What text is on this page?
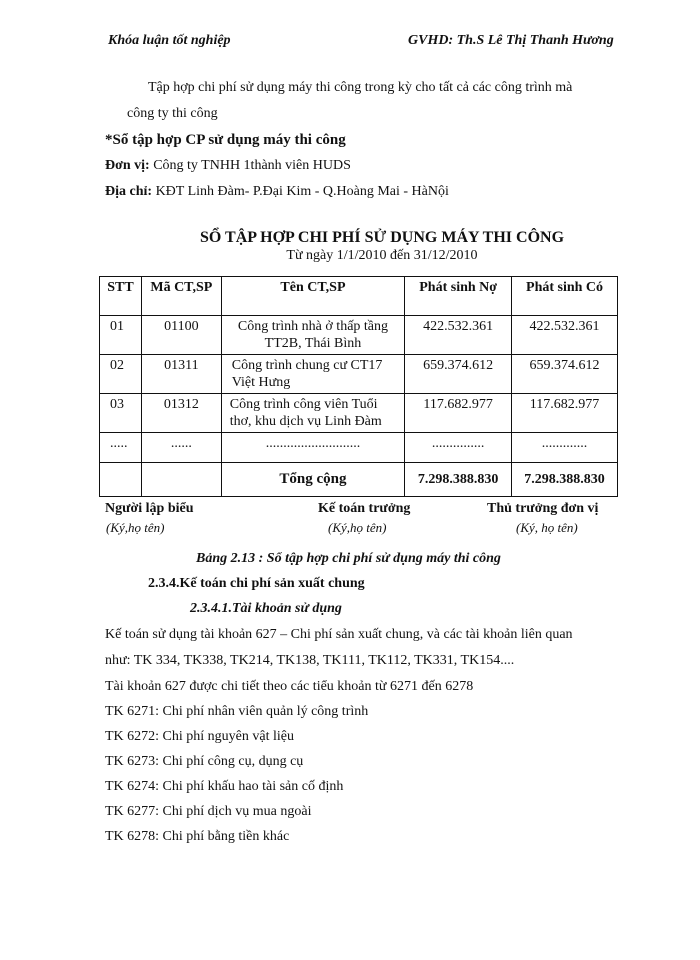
Khóa luận tốt nghiệp	GVHD: Th.S Lê Thị Thanh Hương
Tập hợp chi phí sử dụng máy thi công trong kỳ cho tất cả các công trình mà
công ty thi công
*Sổ tập hợp CP sử dụng máy thi công
Đơn vị: Công ty TNHH 1thành viên HUDS
Địa chỉ: KĐT Linh Đàm- P.Đại Kim - Q.Hoàng Mai - HàNội
SỔ TẬP HỢP CHI PHÍ SỬ DỤNG MÁY THI CÔNG
Từ ngày 1/1/2010 đến 31/12/2010
STT	Mã CT,SP	Tên CT,SP	Phát sinh Nợ	Phát sinh Có
01	01100	Công trình nhà ở thấp tầng TT2B, Thái Bình	422.532.361	422.532.361
02	01311	Công trình chung cư CT17 Việt Hưng	659.374.612	659.374.612
03	01312	Công trình công viên Tuổi thơ, khu dịch vụ Linh Đàm	117.682.977	117.682.977
.....	......	...........................	...............	.............
		Tổng cộng	7.298.388.830	7.298.388.830
Người lập biểu
(Ký,họ tên)
Kế toán trưởng
(Ký,họ tên)
Thủ trưởng đơn vị
(Ký, họ tên)
Bảng 2.13 : Sổ tập hợp chi phí sử dụng máy thi công
2.3.4.Kế toán chi phí sản xuất chung
2.3.4.1.Tài khoản sử dụng
Kế toán sử dụng tài khoản 627 – Chi phí sản xuất chung, và các tài khoản liên quan
như: TK 334, TK338, TK214, TK138, TK111, TK112, TK331, TK154....
Tài khoản 627 được chi tiết theo các tiểu khoản từ 6271 đến 6278
TK 6271: Chi phí nhân viên quản lý công trình
TK 6272: Chi phí nguyên vật liệu
TK 6273: Chi phí công cụ, dụng cụ
TK 6274: Chi phí khấu hao tài sản cố định
TK 6277: Chi phí dịch vụ mua ngoài
TK 6278: Chi phí bằng tiền khác
